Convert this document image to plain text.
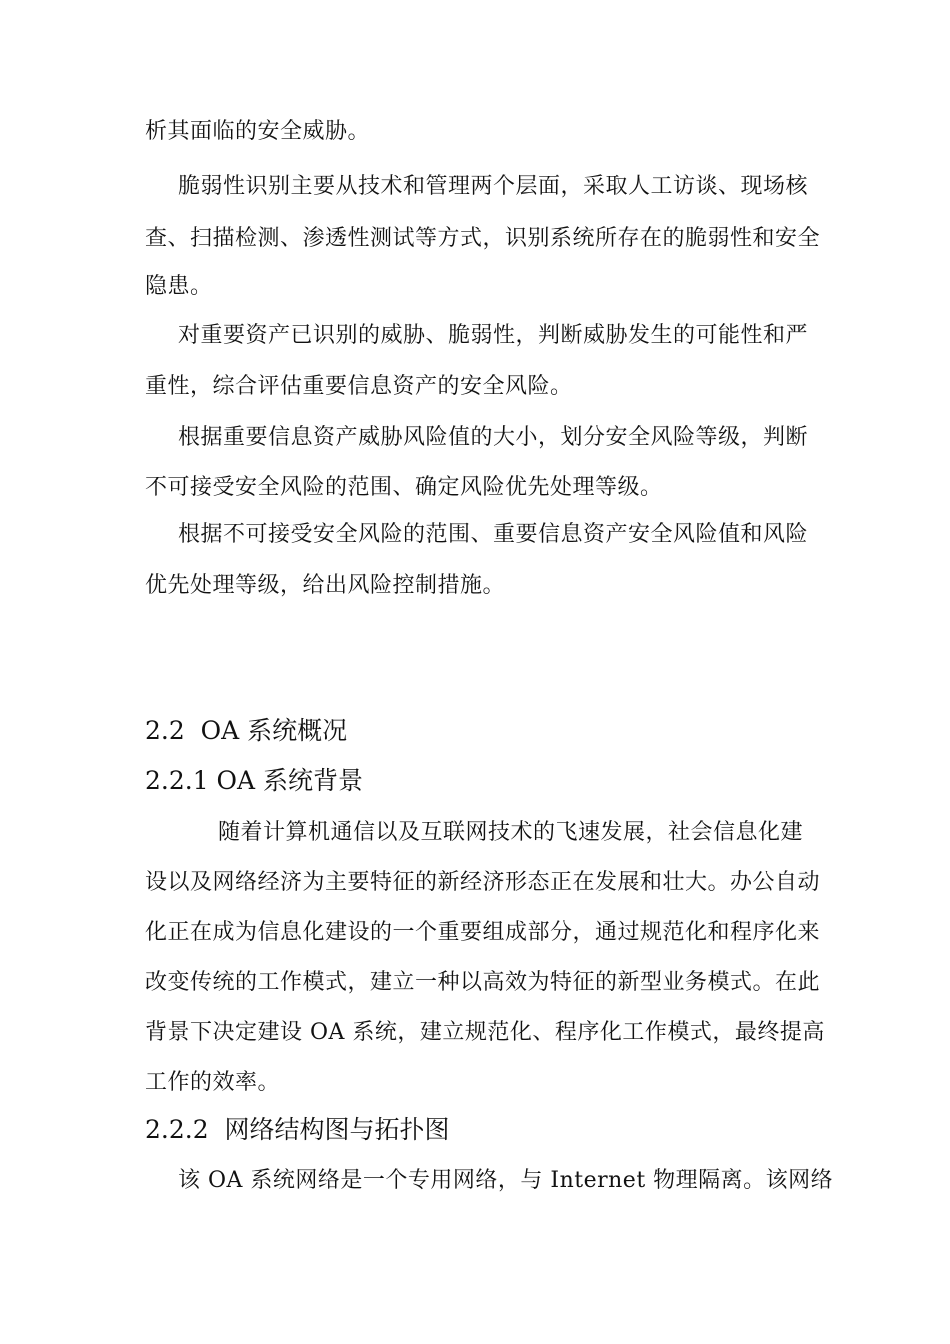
析其面临的安全威胁。

脆弱性识别主要从技术和管理两个层面，采取人工访谈、现场核

查、扫描检测、渗透性测试等方式，识别系统所存在的脆弱性和安全

隐患。

对重要资产已识别的威胁、脆弱性，判断威胁发生的可能性和严

重性，综合评估重要信息资产的安全风险。

根据重要信息资产威胁风险值的大小，划分安全风险等级，判断

不可接受安全风险的范围、确定风险优先处理等级。

根据不可接受安全风险的范围、重要信息资产安全风险值和风险

优先处理等级，给出风险控制措施。

2.2  OA 系统概况
2.2.1 OA 系统背景

随着计算机通信以及互联网技术的飞速发展，社会信息化建

设以及网络经济为主要特征的新经济形态正在发展和壮大。办公自动

化正在成为信息化建设的一个重要组成部分，通过规范化和程序化来

改变传统的工作模式，建立一种以高效为特征的新型业务模式。在此

背景下决定建设 OA 系统，建立规范化、程序化工作模式，最终提高

工作的效率。

2.2.2  网络结构图与拓扑图

该 OA 系统网络是一个专用网络，与 Internet 物理隔离。该网络
